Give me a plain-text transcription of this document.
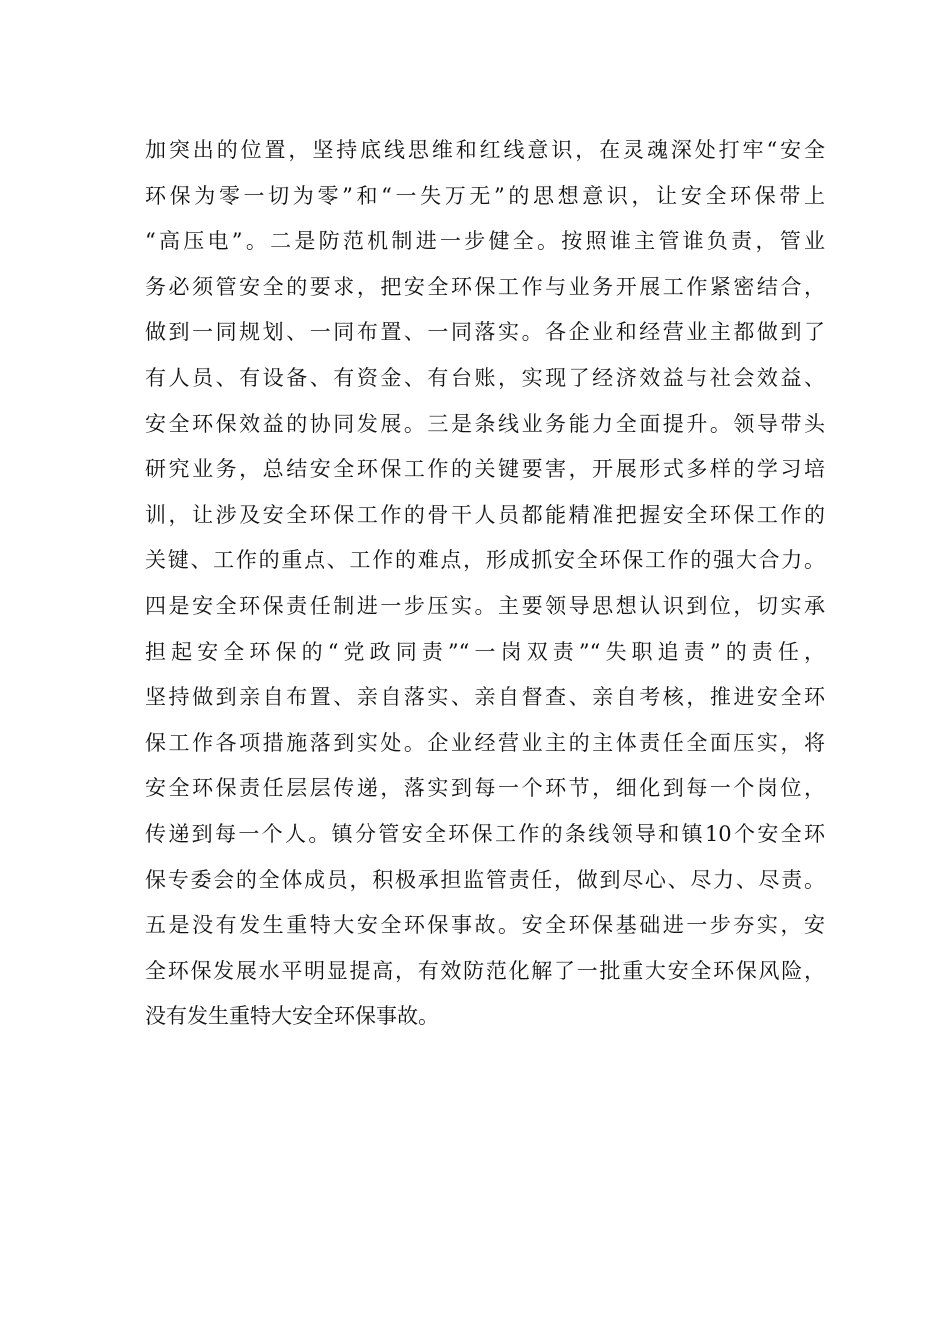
加突出的位置，坚持底线思维和红线意识，在灵魂深处打牢“安全
环保为零一切为零”和“一失万无”的思想意识，让安全环保带上
“高压电”。二是防范机制进一步健全。按照谁主管谁负责，管业
务必须管安全的要求，把安全环保工作与业务开展工作紧密结合，
做到一同规划、一同布置、一同落实。各企业和经营业主都做到了
有人员、有设备、有资金、有台账，实现了经济效益与社会效益、
安全环保效益的协同发展。三是条线业务能力全面提升。领导带头
研究业务，总结安全环保工作的关键要害，开展形式多样的学习培
训，让涉及安全环保工作的骨干人员都能精准把握安全环保工作的
关键、工作的重点、工作的难点，形成抓安全环保工作的强大合力。
四是安全环保责任制进一步压实。主要领导思想认识到位，切实承
担起安全环保的“党政同责”“一岗双责”“失职追责”的责任，
坚持做到亲自布置、亲自落实、亲自督查、亲自考核，推进安全环
保工作各项措施落到实处。企业经营业主的主体责任全面压实，将
安全环保责任层层传递，落实到每一个环节，细化到每一个岗位，
传递到每一个人。镇分管安全环保工作的条线领导和镇10个安全环
保专委会的全体成员，积极承担监管责任，做到尽心、尽力、尽责。
五是没有发生重特大安全环保事故。安全环保基础进一步夯实，安
全环保发展水平明显提高，有效防范化解了一批重大安全环保风险，
没有发生重特大安全环保事故。
